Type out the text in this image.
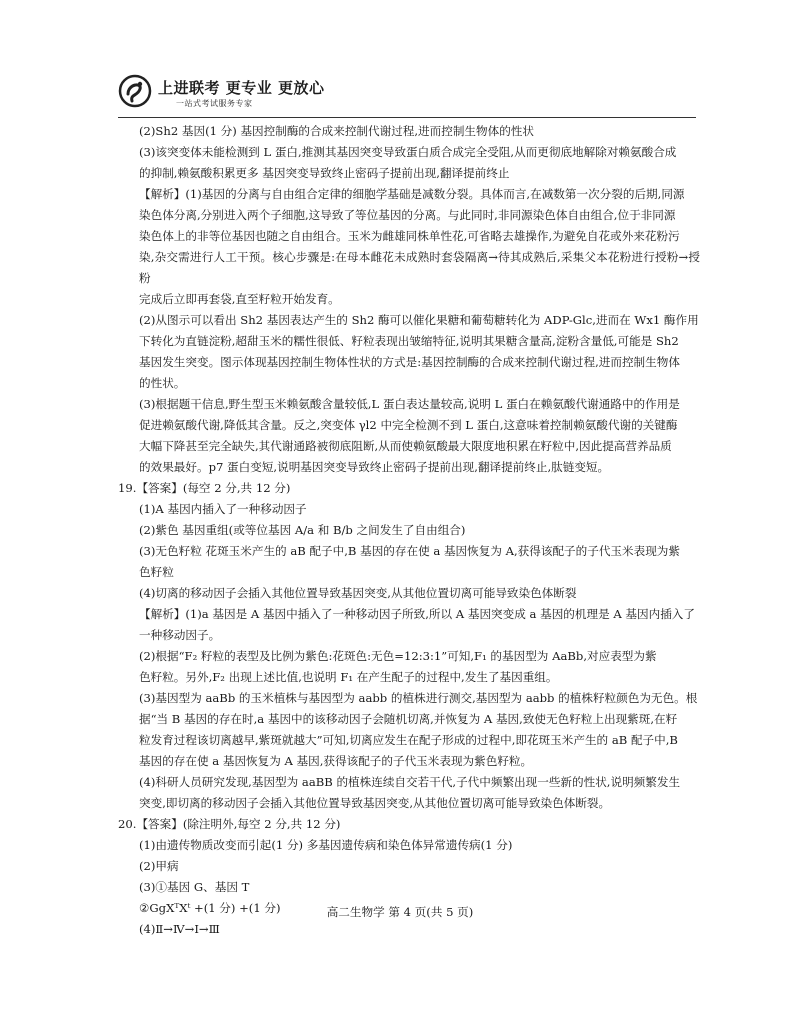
上进联考 更专业 更放心
一站式考试服务专家

(2)Sh2 基因(1 分) 基因控制酶的合成来控制代谢过程,进而控制生物体的性状

(3)该突变体未能检测到 L 蛋白,推测其基因突变导致蛋白质合成完全受阻,从而更彻底地解除对赖氨酸合成

的抑制,赖氨酸积累更多 基因突变导致终止密码子提前出现,翻译提前终止

【解析】(1)基因的分离与自由组合定律的细胞学基础是减数分裂。具体而言,在减数第一次分裂的后期,同源

染色体分离,分别进入两个子细胞,这导致了等位基因的分离。与此同时,非同源染色体自由组合,位于非同源

染色体上的非等位基因也随之自由组合。玉米为雌雄同株单性花,可省略去雄操作,为避免自花或外来花粉污

染,杂交需进行人工干预。核心步骤是:在母本雌花未成熟时套袋隔离→待其成熟后,采集父本花粉进行授粉→授粉

完成后立即再套袋,直至籽粒开始发育。

(2)从图示可以看出 Sh2 基因表达产生的 Sh2 酶可以催化果糖和葡萄糖转化为 ADP-Glc,进而在 Wx1 酶作用

下转化为直链淀粉,超甜玉米的糯性很低、籽粒表现出皱缩特征,说明其果糖含量高,淀粉含量低,可能是 Sh2

基因发生突变。图示体现基因控制生物体性状的方式是:基因控制酶的合成来控制代谢过程,进而控制生物体

的性状。

(3)根据题干信息,野生型玉米赖氨酸含量较低,L 蛋白表达量较高,说明 L 蛋白在赖氨酸代谢通路中的作用是

促进赖氨酸代谢,降低其含量。反之,突变体 γl2 中完全检测不到 L 蛋白,这意味着控制赖氨酸代谢的关键酶

大幅下降甚至完全缺失,其代谢通路被彻底阻断,从而使赖氨酸最大限度地积累在籽粒中,因此提高营养品质

的效果最好。p7 蛋白变短,说明基因突变导致终止密码子提前出现,翻译提前终止,肽链变短。

19.【答案】(每空 2 分,共 12 分)

(1)A 基因内插入了一种移动因子

(2)紫色 基因重组(或等位基因 A/a 和 B/b 之间发生了自由组合)

(3)无色籽粒 花斑玉米产生的 aB 配子中,B 基因的存在使 a 基因恢复为 A,获得该配子的子代玉米表现为紫

色籽粒

(4)切离的移动因子会插入其他位置导致基因突变,从其他位置切离可能导致染色体断裂

【解析】(1)a 基因是 A 基因中插入了一种移动因子所致,所以 A 基因突变成 a 基因的机理是 A 基因内插入了

一种移动因子。

(2)根据“F₂ 籽粒的表型及比例为紫色:花斑色:无色=12:3:1”可知,F₁ 的基因型为 AaBb,对应表型为紫

色籽粒。另外,F₂ 出现上述比值,也说明 F₁ 在产生配子的过程中,发生了基因重组。

(3)基因型为 aaBb 的玉米植株与基因型为 aabb 的植株进行测交,基因型为 aabb 的植株籽粒颜色为无色。根

据“当 B 基因的存在时,a 基因中的该移动因子会随机切离,并恢复为 A 基因,致使无色籽粒上出现紫斑,在籽

粒发育过程该切离越早,紫斑就越大”可知,切离应发生在配子形成的过程中,即花斑玉米产生的 aB 配子中,B

基因的存在使 a 基因恢复为 A 基因,获得该配子的子代玉米表现为紫色籽粒。

(4)科研人员研究发现,基因型为 aaBB 的植株连续自交若干代,子代中频繁出现一些新的性状,说明频繁发生

突变,即切离的移动因子会插入其他位置导致基因突变,从其他位置切离可能导致染色体断裂。

20.【答案】(除注明外,每空 2 分,共 12 分)

(1)由遗传物质改变而引起(1 分) 多基因遗传病和染色体异常遗传病(1 分)

(2)甲病

(3)①基因 G、基因 T

②GgXᵀXᵗ +(1 分) +(1 分)

(4)Ⅱ→Ⅳ→Ⅰ→Ⅲ

高二生物学 第 4 页(共 5 页)
